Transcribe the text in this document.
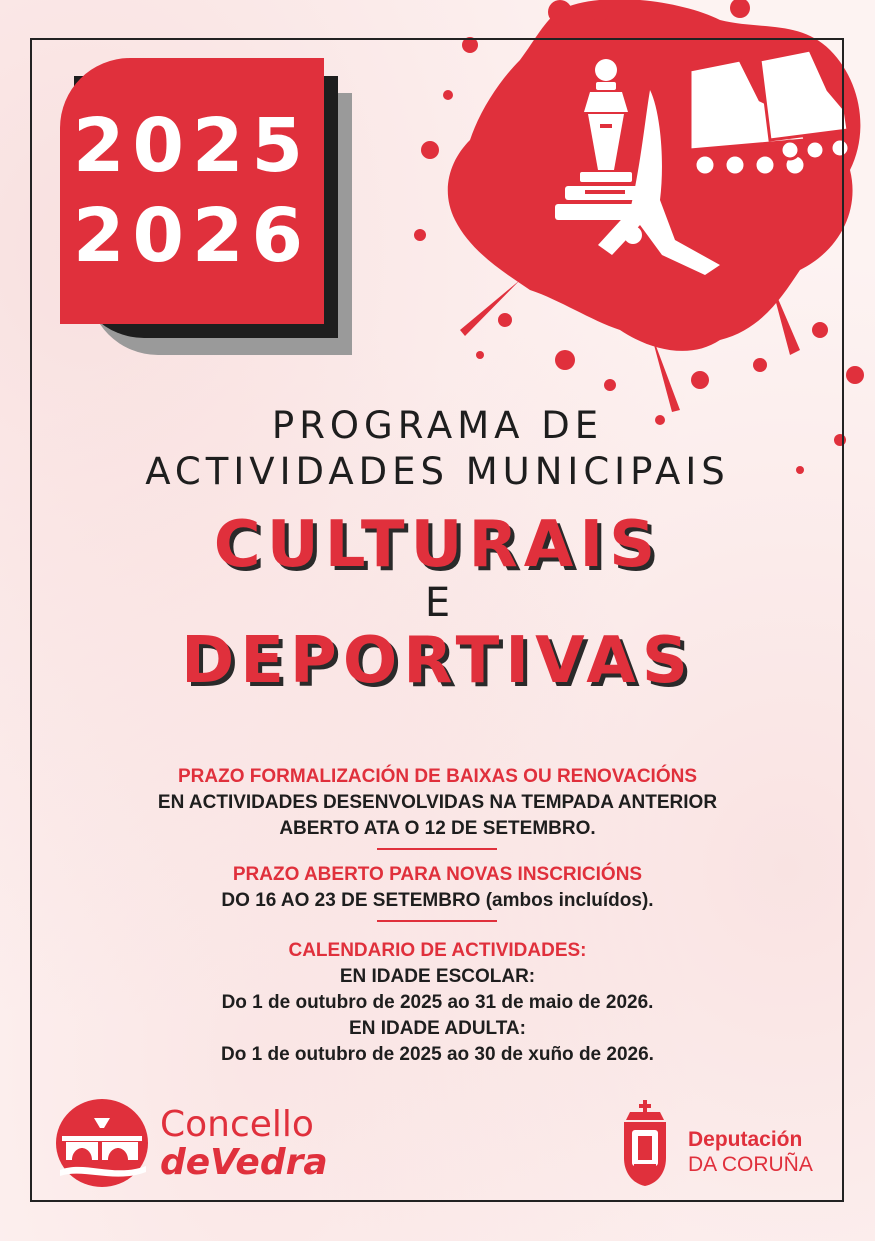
2025
2026
PROGRAMA DE
ACTIVIDADES MUNICIPAIS
CULTURAIS
E
DEPORTIVAS
PRAZO FORMALIZACIÓN DE BAIXAS OU RENOVACIÓNS
EN ACTIVIDADES DESENVOLVIDAS NA TEMPADA ANTERIOR
ABERTO ATA O 12 DE SETEMBRO.
PRAZO ABERTO PARA NOVAS INSCRICIÓNS
DO 16 AO 23 DE SETEMBRO (ambos incluídos).
CALENDARIO DE ACTIVIDADES:
EN IDADE ESCOLAR:
Do 1 de outubro de 2025 ao 31 de maio de 2026.
EN IDADE ADULTA:
Do 1 de outubro de 2025 ao 30 de xuño de 2026.
Concello
deVedra
Deputación
DA CORUÑA
